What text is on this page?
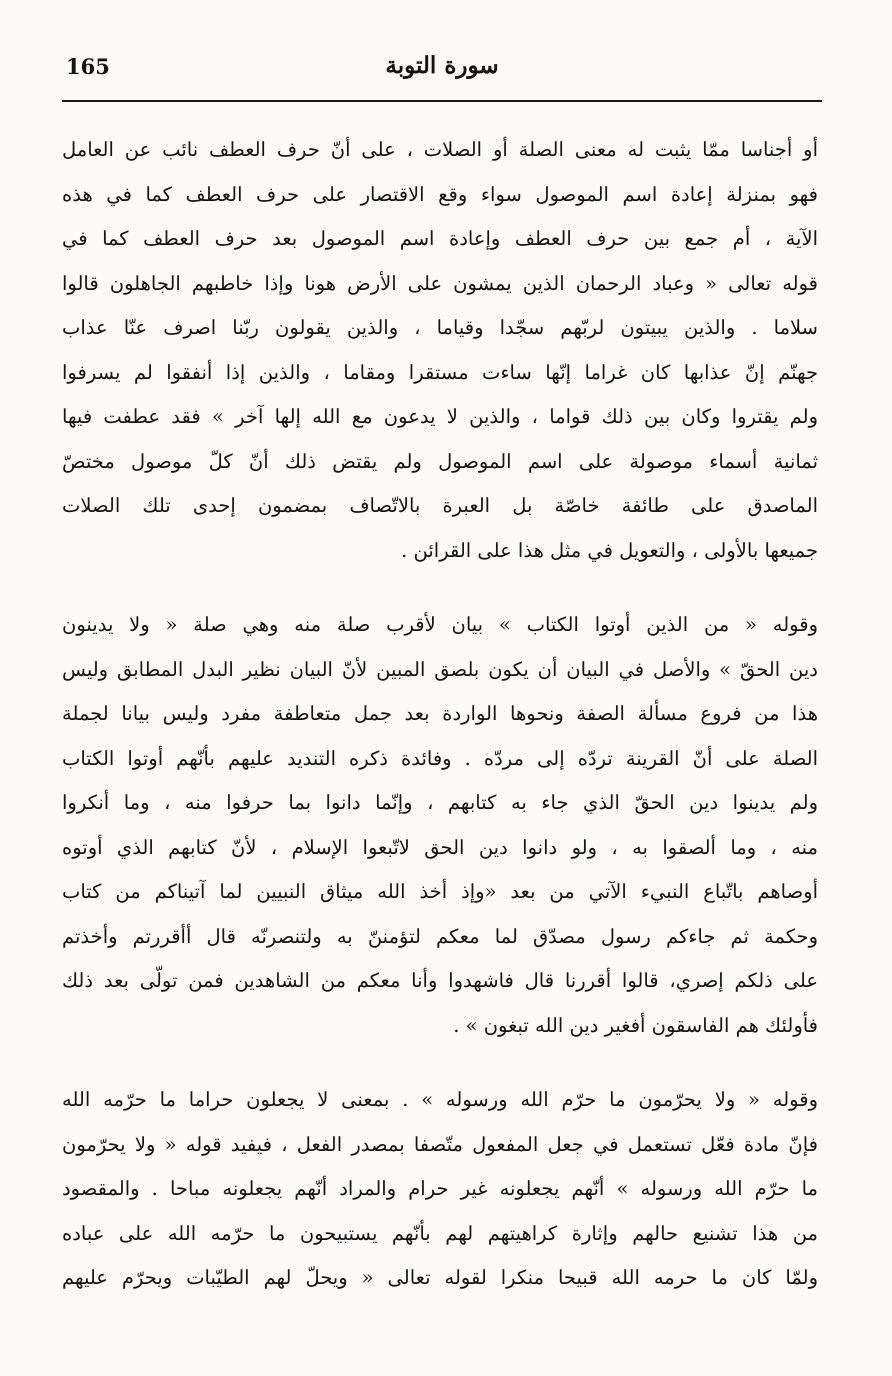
165	سورة التوبة
أو أجناسا ممّا يثبت له معنى الصلة أو الصلات ، على أنّ حرف العطف نائب عن العامل
فهو بمنزلة إعادة اسم الموصول سواء وقع الاقتصار على حرف العطف كما في هذه
الآية ، أم جمع بين حرف العطف وإعادة اسم الموصول بعد حرف العطف كما في
قوله تعالى « وعباد الرحمان الذين يمشون على الأرض هونا وإذا خاطبهم الجاهلون قالوا
سلاما . والذين يبيتون لربّهم سجّدا وقياما ، والذين يقولون ربّنا اصرف عنّا عذاب
جهنّم إنّ عذابها كان غراما إنّها ساءت مستقرا ومقاما ، والذين إذا أنفقوا لم يسرفوا
ولم يقتروا وكان بين ذلك قواما ، والذين لا يدعون مع الله إلها آخر » فقد عطفت فيها
ثمانية أسماء موصولة على اسم الموصول ولم يقتض ذلك أنّ كلّ موصول مختصّ
الماصدق على طائفة خاصّة بل العبرة بالاتّصاف بمضمون إحدى تلك الصلات
جميعها بالأولى ، والتعويل في مثل هذا على القرائن .
وقوله « من الذين أوتوا الكتاب » بيان لأقرب صلة منه وهي صلة « ولا يدينون
دين الحقّ » والأصل في البيان أن يكون بلصق المبين لأنّ البيان نظير البدل المطابق وليس
هذا من فروع مسألة الصفة ونحوها الواردة بعد جمل متعاطفة مفرد وليس بيانا لجملة
الصلة على أنّ القرينة تردّه إلى مردّه . وفائدة ذكره التنديد عليهم بأنّهم أوتوا الكتاب
ولم يدينوا دين الحقّ الذي جاء به كتابهم ، وإنّما دانوا بما حرفوا منه ، وما أنكروا
منه ، وما ألصقوا به ، ولو دانوا دين الحق لاتّبعوا الإسلام ، لأنّ كتابهم الذي أوتوه
أوصاهم باتّباع النبيء الآتي من بعد «وإذ أخذ الله ميثاق النبيين لما آتيناكم من كتاب
وحكمة ثم جاءكم رسول مصدّق لما معكم لتؤمننّ به ولتنصرنّه قال أأقررتم وأخذتم
على ذلكم إصري، قالوا أقررنا قال فاشهدوا وأنا معكم من الشاهدين فمن تولّى بعد ذلك
فأولئك هم الفاسقون أفغير دين الله تبغون » .
وقوله « ولا يحرّمون ما حرّم الله ورسوله » . بمعنى لا يجعلون حراما ما حرّمه الله
فإنّ مادة فعّل تستعمل في جعل المفعول متّصفا بمصدر الفعل ، فيفيد قوله « ولا يحرّمون
ما حرّم الله ورسوله » أنّهم يجعلونه غير حرام والمراد أنّهم يجعلونه مباحا . والمقصود
من هذا تشنيع حالهم وإثارة كراهيتهم لهم بأنّهم يستبيحون ما حرّمه الله على عباده
ولمّا كان ما حرمه الله قبيحا منكرا لقوله تعالى « ويحلّ لهم الطيّبات ويحرّم عليهم
